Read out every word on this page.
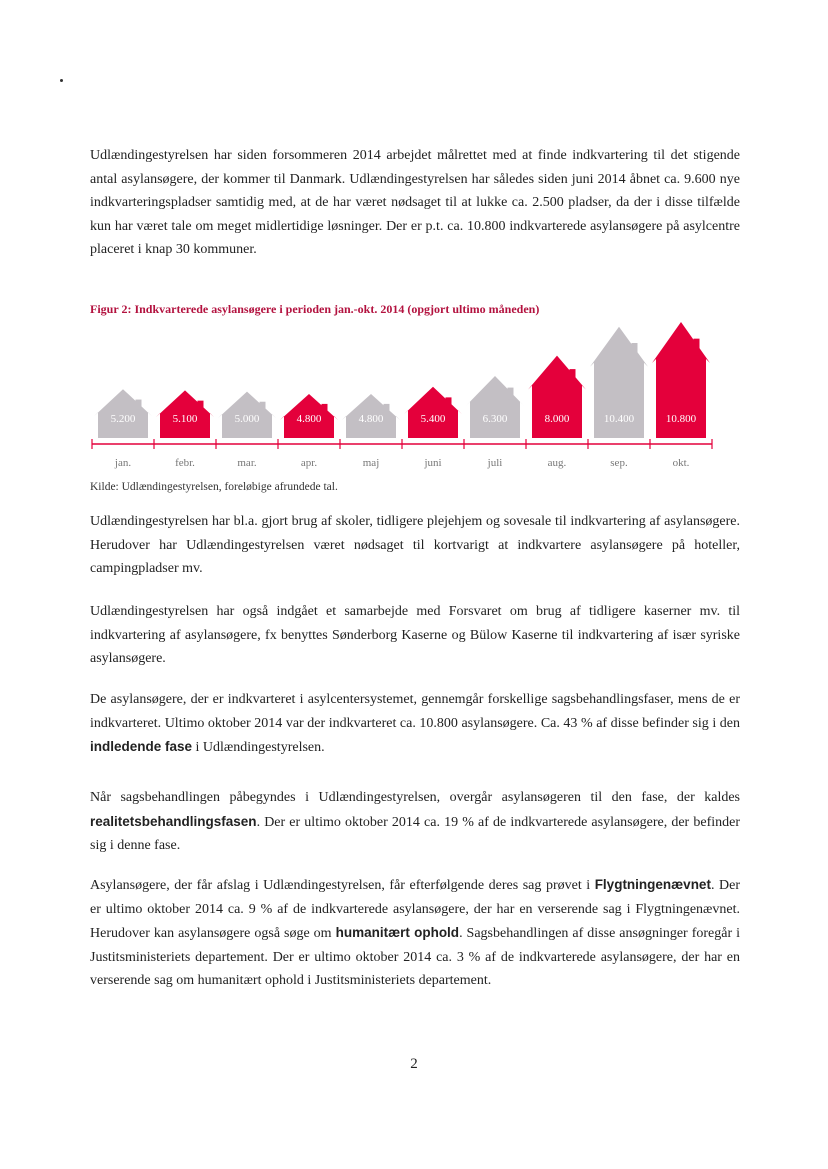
Udlændingestyrelsen har siden forsommeren 2014 arbejdet målrettet med at finde indkvartering til det stigende antal asylansøgere, der kommer til Danmark. Udlændingestyrelsen har således siden juni 2014 åbnet ca. 9.600 nye indkvarteringspladser samtidig med, at de har været nødsaget til at lukke ca. 2.500 pladser, da der i disse tilfælde kun har været tale om meget midlertidige løsninger. Der er p.t. ca. 10.800 indkvarterede asylansøgere på asylcentre placeret i knap 30 kommuner.

Figur 2: Indkvarterede asylansøgere i perioden jan.-okt. 2014 (opgjort ultimo måneden)
5.200
jan.
5.100
febr.
5.000
mar.
4.800
apr.
4.800
maj
5.400
juni
6.300
juli
8.000
aug.
10.400
sep.
10.800
okt.
Kilde: Udlændingestyrelsen, foreløbige afrundede tal.

Udlændingestyrelsen har bl.a. gjort brug af skoler, tidligere plejehjem og sovesale til indkvartering af asylansøgere. Herudover har Udlændingestyrelsen været nødsaget til kortvarigt at indkvartere asylansøgere på hoteller, campingpladser mv.

Udlændingestyrelsen har også indgået et samarbejde med Forsvaret om brug af tidligere kaserner mv. til indkvartering af asylansøgere, fx benyttes Sønderborg Kaserne og Bülow Kaserne til indkvartering af især syriske asylansøgere.

De asylansøgere, der er indkvarteret i asylcentersystemet, gennemgår forskellige sagsbehandlingsfaser, mens de er indkvarteret. Ultimo oktober 2014 var der indkvarteret ca. 10.800 asylansøgere. Ca. 43 % af disse befinder sig i den indledende fase i Udlændingestyrelsen.

Når sagsbehandlingen påbegyndes i Udlændingestyrelsen, overgår asylansøgeren til den fase, der kaldes realitetsbehandlingsfasen. Der er ultimo oktober 2014 ca. 19 % af de indkvarterede asylansøgere, der befinder sig i denne fase.

Asylansøgere, der får afslag i Udlændingestyrelsen, får efterfølgende deres sag prøvet i Flygtningenævnet. Der er ultimo oktober 2014 ca. 9 % af de indkvarterede asylansøgere, der har en verserende sag i Flygtningenævnet. Herudover kan asylansøgere også søge om humanitært ophold. Sagsbehandlingen af disse ansøgninger foregår i Justitsministeriets departement. Der er ultimo oktober 2014 ca. 3 % af de indkvarterede asylansøgere, der har en verserende sag om humanitært ophold i Justitsministeriets departement.

2
